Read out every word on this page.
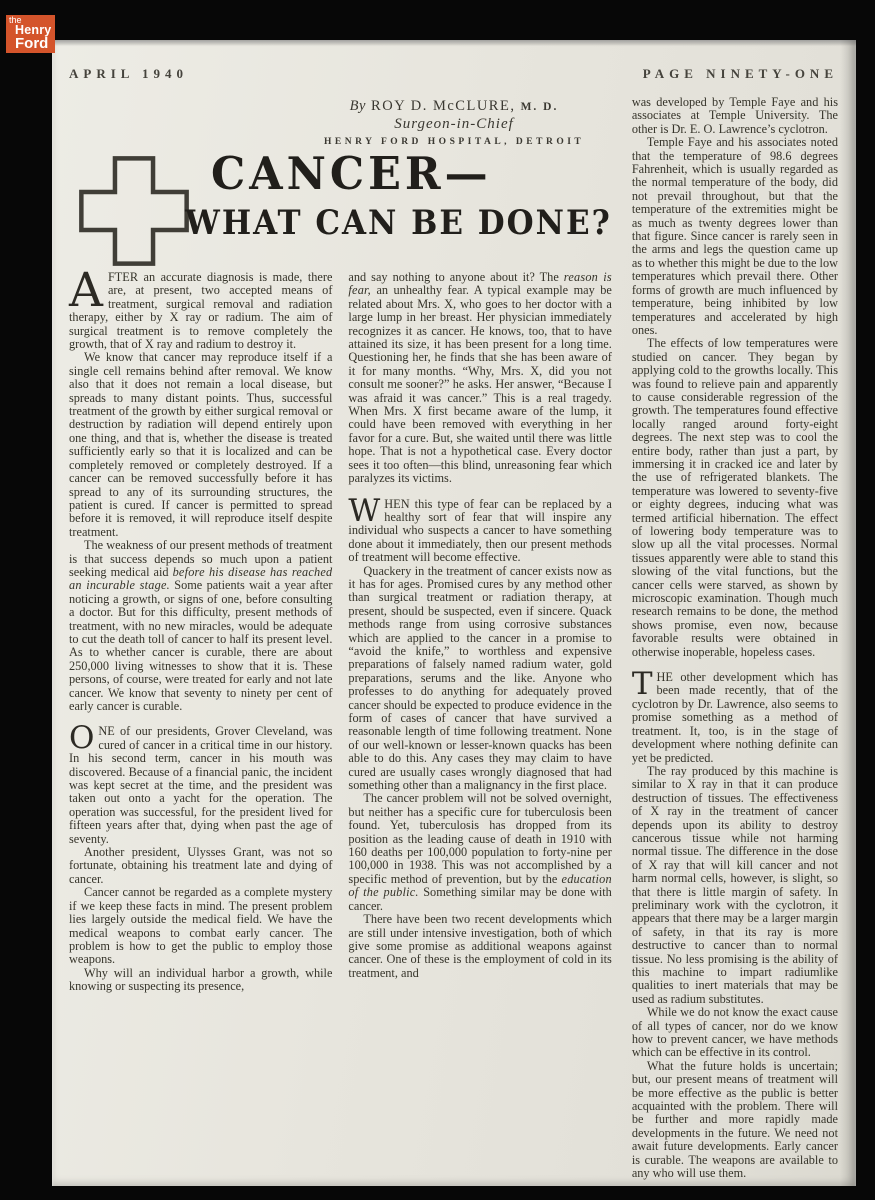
the
Henry
Ford
APRIL 1940	PAGE NINETY-ONE
By ROY D. McCLURE, M. D.
Surgeon-in-Chief
HENRY FORD HOSPITAL, DETROIT
CANCER—
WHAT CAN BE DONE?

AFTER an accurate diagnosis is made, there are, at present, two accepted means of treatment, surgical removal and radiation therapy, either by X ray or radium. The aim of surgical treatment is to remove completely the growth, that of X ray and radium to destroy it.

We know that cancer may reproduce itself if a single cell remains behind after removal. We know also that it does not remain a local disease, but spreads to many distant points. Thus, successful treatment of the growth by either surgical removal or destruction by radiation will depend entirely upon one thing, and that is, whether the disease is treated sufficiently early so that it is localized and can be completely removed or completely destroyed. If a cancer can be removed successfully before it has spread to any of its surrounding structures, the patient is cured. If cancer is permitted to spread before it is removed, it will reproduce itself despite treatment.

The weakness of our present methods of treatment is that success depends so much upon a patient seeking medical aid before his disease has reached an incurable stage. Some patients wait a year after noticing a growth, or signs of one, before consulting a doctor. But for this difficulty, present methods of treatment, with no new miracles, would be adequate to cut the death toll of cancer to half its present level. As to whether cancer is curable, there are about 250,000 living witnesses to show that it is. These persons, of course, were treated for early and not late cancer. We know that seventy to ninety per cent of early cancer is curable.

ONE of our presidents, Grover Cleveland, was cured of cancer in a critical time in our history. In his second term, cancer in his mouth was discovered. Because of a financial panic, the incident was kept secret at the time, and the president was taken out onto a yacht for the operation. The operation was successful, for the president lived for fifteen years after that, dying when past the age of seventy.

Another president, Ulysses Grant, was not so fortunate, obtaining his treatment late and dying of cancer.

Cancer cannot be regarded as a complete mystery if we keep these facts in mind. The present problem lies largely outside the medical field. We have the medical weapons to combat early cancer. The problem is how to get the public to employ those weapons.

Why will an individual harbor a growth, while knowing or suspecting its presence,

and say nothing to anyone about it? The reason is fear, an unhealthy fear. A typical example may be related about Mrs. X, who goes to her doctor with a large lump in her breast. Her physician immediately recognizes it as cancer. He knows, too, that to have attained its size, it has been present for a long time. Questioning her, he finds that she has been aware of it for many months. “Why, Mrs. X, did you not consult me sooner?” he asks. Her answer, “Because I was afraid it was cancer.” This is a real tragedy. When Mrs. X first became aware of the lump, it could have been removed with everything in her favor for a cure. But, she waited until there was little hope. That is not a hypothetical case. Every doctor sees it too often—this blind, unreasoning fear which paralyzes its victims.

WHEN this type of fear can be replaced by a healthy sort of fear that will inspire any individual who suspects a cancer to have something done about it immediately, then our present methods of treatment will become effective.

Quackery in the treatment of cancer exists now as it has for ages. Promised cures by any method other than surgical treatment or radiation therapy, at present, should be suspected, even if sincere. Quack methods range from using corrosive substances which are applied to the cancer in a promise to “avoid the knife,” to worthless and expensive preparations of falsely named radium water, gold preparations, serums and the like. Anyone who professes to do anything for adequately proved cancer should be expected to produce evidence in the form of cases of cancer that have survived a reasonable length of time following treatment. None of our well-known or lesser-known quacks has been able to do this. Any cases they may claim to have cured are usually cases wrongly diagnosed that had something other than a malignancy in the first place.

The cancer problem will not be solved overnight, but neither has a specific cure for tuberculosis been found. Yet, tuberculosis has dropped from its position as the leading cause of death in 1910 with 160 deaths per 100,000 population to forty-nine per 100,000 in 1938. This was not accomplished by a specific method of prevention, but by the education of the public. Something similar may be done with cancer.

There have been two recent developments which are still under intensive investigation, both of which give some promise as additional weapons against cancer. One of these is the employment of cold in its treatment, and

was developed by Temple Faye and his associates at Temple University. The other is Dr. E. O. Lawrence’s cyclotron.

Temple Faye and his associates noted that the temperature of 98.6 degrees Fahrenheit, which is usually regarded as the normal temperature of the body, did not prevail throughout, but that the temperature of the extremities might be as much as twenty degrees lower than that figure. Since cancer is rarely seen in the arms and legs the question came up as to whether this might be due to the low temperatures which prevail there. Other forms of growth are much influenced by temperature, being inhibited by low temperatures and accelerated by high ones.

The effects of low temperatures were studied on cancer. They began by applying cold to the growths locally. This was found to relieve pain and apparently to cause considerable regression of the growth. The temperatures found effective locally ranged around forty-eight degrees. The next step was to cool the entire body, rather than just a part, by immersing it in cracked ice and later by the use of refrigerated blankets. The temperature was lowered to seventy-five or eighty degrees, inducing what was termed artificial hibernation. The effect of lowering body temperature was to slow up all the vital processes. Normal tissues apparently were able to stand this slowing of the vital functions, but the cancer cells were starved, as shown by microscopic examination. Though much research remains to be done, the method shows promise, even now, because favorable results were obtained in otherwise inoperable, hopeless cases.

THE other development which has been made recently, that of the cyclotron by Dr. Lawrence, also seems to promise something as a method of treatment. It, too, is in the stage of development where nothing definite can yet be predicted.

The ray produced by this machine is similar to X ray in that it can produce destruction of tissues. The effectiveness of X ray in the treatment of cancer depends upon its ability to destroy cancerous tissue while not harming normal tissue. The difference in the dose of X ray that will kill cancer and not harm normal cells, however, is slight, so that there is little margin of safety. In preliminary work with the cyclotron, it appears that there may be a larger margin of safety, in that its ray is more destructive to cancer than to normal tissue. No less promising is the ability of this machine to impart radiumlike qualities to inert materials that may be used as radium substitutes.

While we do not know the exact cause of all types of cancer, nor do we know how to prevent cancer, we have methods which can be effective in its control.

What the future holds is uncertain; but, our present means of treatment will be more effective as the public is better acquainted with the problem. There will be further and more rapidly made developments in the future. We need not await future developments. Early cancer is curable. The weapons are available to any who will use them.
